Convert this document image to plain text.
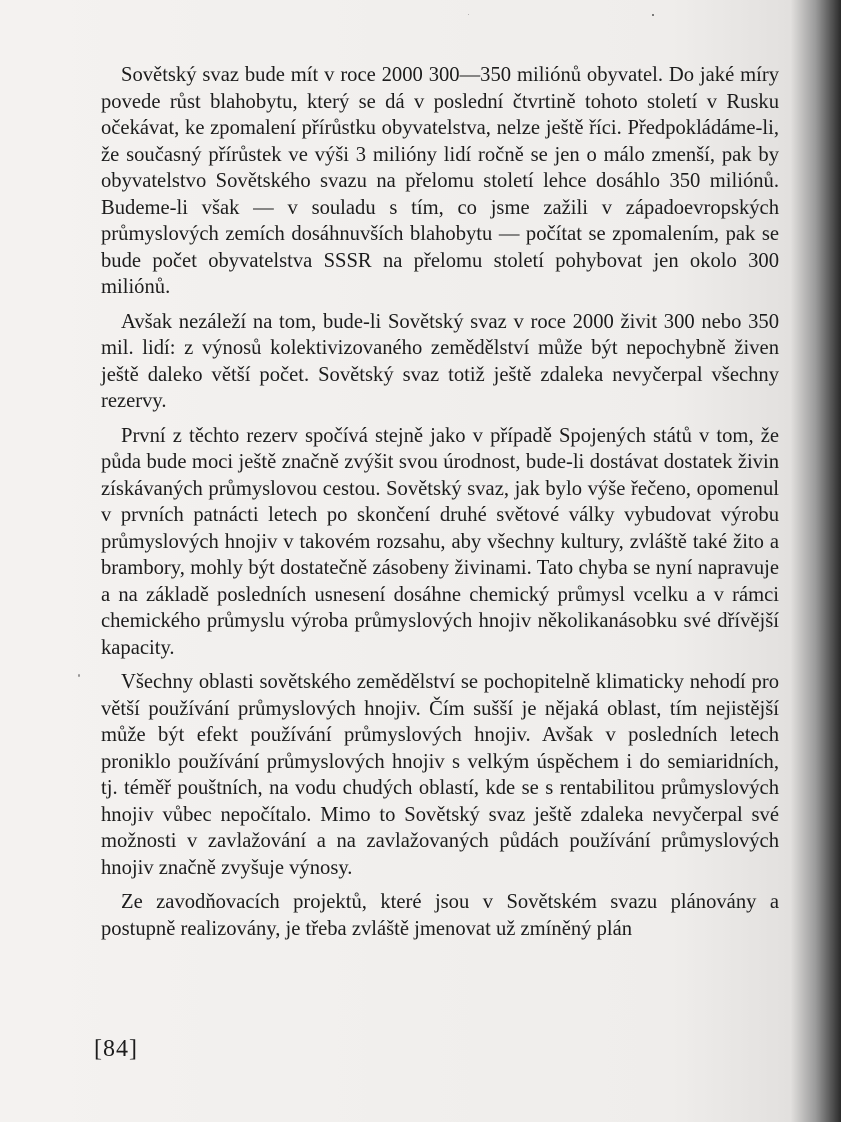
Sovětský svaz bude mít v roce 2000 300—350 miliónů obyvatel. Do jaké míry povede růst blahobytu, který se dá v poslední čtvrtině tohoto století v Rusku očekávat, ke zpomalení přírůstku obyvatelstva, nelze ještě říci. Předpokládáme-li, že současný přírůstek ve výši 3 milióny lidí ročně se jen o málo zmenší, pak by obyvatelstvo Sovětského svazu na přelomu století lehce dosáhlo 350 miliónů. Budeme-li však — v souladu s tím, co jsme zažili v západoevropských průmyslových zemích dosáhnuvších blahobytu — počítat se zpomalením, pak se bude počet obyvatelstva SSSR na přelomu století pohybovat jen okolo 300 miliónů.

Avšak nezáleží na tom, bude-li Sovětský svaz v roce 2000 živit 300 nebo 350 mil. lidí: z výnosů kolektivizovaného zemědělství může být nepochybně živen ještě daleko větší počet. Sovětský svaz totiž ještě zdaleka nevyčerpal všechny rezervy.

První z těchto rezerv spočívá stejně jako v případě Spojených států v tom, že půda bude moci ještě značně zvýšit svou úrodnost, bude-li dostávat dostatek živin získávaných průmyslovou cestou. Sovětský svaz, jak bylo výše řečeno, opomenul v prvních patnácti letech po skončení druhé světové války vybudovat výrobu průmyslových hnojiv v takovém rozsahu, aby všechny kultury, zvláště také žito a brambory, mohly být dostatečně zásobeny živinami. Tato chyba se nyní napravuje a na základě posledních usnesení dosáhne chemický průmysl vcelku a v rámci chemického průmyslu výroba průmyslových hnojiv několikanásobku své dřívější kapacity.

Všechny oblasti sovětského zemědělství se pochopitelně klimaticky nehodí pro větší používání průmyslových hnojiv. Čím sušší je nějaká oblast, tím nejistější může být efekt používání průmyslových hnojiv. Avšak v posledních letech proniklo používání průmyslových hnojiv s velkým úspěchem i do semiaridních, tj. téměř pouštních, na vodu chudých oblastí, kde se s rentabilitou průmyslových hnojiv vůbec nepočítalo. Mimo to Sovětský svaz ještě zdaleka nevyčerpal své možnosti v zavlažování a na zavlažovaných půdách používání průmyslových hnojiv značně zvyšuje výnosy.

Ze zavodňovacích projektů, které jsou v Sovětském svazu plánovány a postupně realizovány, je třeba zvláště jmenovat už zmíněný plán

[84]
